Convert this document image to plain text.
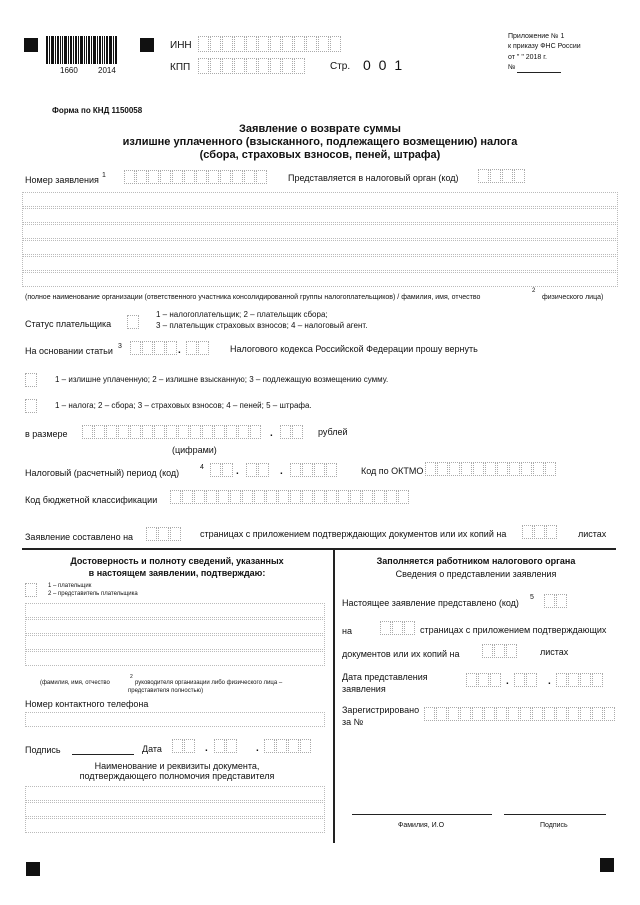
1660	2014
ИНН
КПП	Стр. 0 0 1
Приложение № 1
к приказу ФНС России
от " " 2018 г.
№
Форма по КНД 1150058
Заявление о возврате суммы
излишне уплаченного (взысканного, подлежащего возмещению) налога
(сбора, страховых взносов, пеней, штрафа)
Номер заявления 1	Представляется в налоговый орган (код)
(полное наименование организации (ответственного участника консолидированной группы налогоплательщиков) / фамилия, имя, отчество
2
физического лица)
Статус плательщика
1 – налогоплательщик; 2 – плательщик сбора;
3 – плательщик страховых взносов; 4 – налоговый агент.
На основании статьи 3	.	Налогового кодекса Российской Федерации прошу вернуть
1 – излишне уплаченную; 2 – излишне взысканную; 3 – подлежащую возмещению сумму.
1 – налога; 2 – сбора; 3 – страховых взносов; 4 – пеней; 5 – штрафа.
в размере	.	рублей
(цифрами)
Налоговый (расчетный) период (код)
4	.	.	Код по ОКТМО
Код бюджетной классификации
Заявление составлено на	страницах с приложением подтверждающих документов или их копий на	листах
Достоверность и полноту сведений, указанных
в настоящем заявлении, подтверждаю:
1 – плательщик
2 – представитель плательщика
(фамилия, имя, отчество
2
руководителя организации либо физического лица –
представителя полностью)
Номер контактного телефона
Подпись	Дата	.	.
Наименование и реквизиты документа,
подтверждающего полномочия представителя
Заполняется работником налогового органа
Сведения о представлении заявления
Настоящее заявление представлено (код)
5
на	страницах с приложением подтверждающих
документов или их копий на	листах
Дата представления
заявления
.	.
Зарегистрировано
за №
Фамилия, И.О	Подпись
